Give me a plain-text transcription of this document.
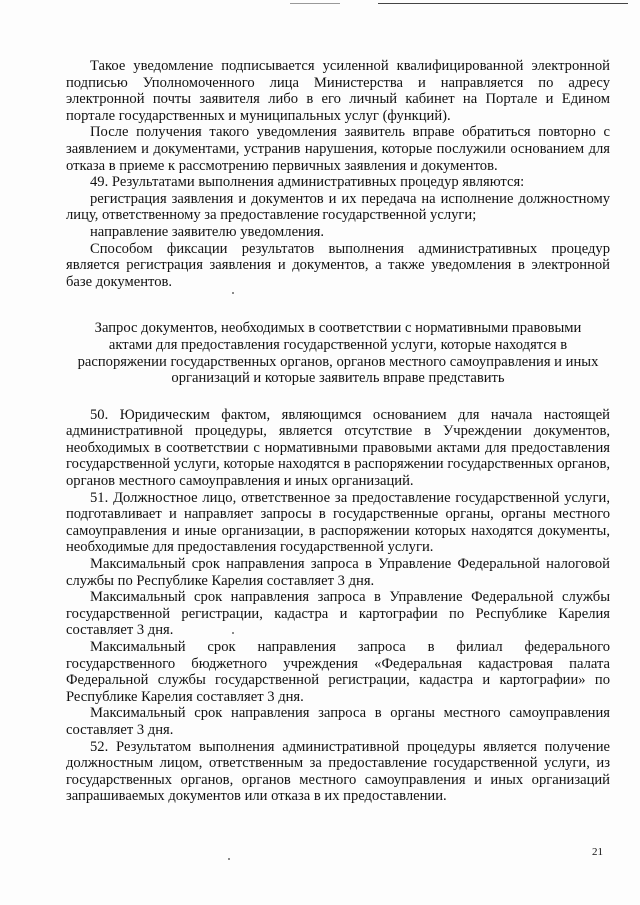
Такое уведомление подписывается усиленной квалифицированной электронной подписью Уполномоченного лица Министерства и направляется по адресу электронной почты заявителя либо в его личный кабинет на Портале и Едином портале государственных и муниципальных услуг (функций).

После получения такого уведомления заявитель вправе обратиться повторно с заявлением и документами, устранив нарушения, которые послужили основанием для отказа в приеме к рассмотрению первичных заявления и документов.

49. Результатами выполнения административных процедур являются:

регистрация заявления и документов и их передача на исполнение должностному лицу, ответственному за предоставление государственной услуги;

направление заявителю уведомления.

Способом фиксации результатов выполнения административных процедур является регистрация заявления и документов, а также уведомления в электронной базе документов.

Запрос документов, необходимых в соответствии с нормативными правовыми
актами для предоставления государственной услуги, которые находятся в
распоряжении государственных органов, органов местного самоуправления и иных
организаций и которые заявитель вправе представить

50. Юридическим фактом, являющимся основанием для начала настоящей административной процедуры, является отсутствие в Учреждении документов, необходимых в соответствии с нормативными правовыми актами для предоставления государственной услуги, которые находятся в распоряжении государственных органов, органов местного самоуправления и иных организаций.

51. Должностное лицо, ответственное за предоставление государственной услуги, подготавливает и направляет запросы в государственные органы, органы местного самоуправления и иные организации, в распоряжении которых находятся документы, необходимые для предоставления государственной услуги.

Максимальный срок направления запроса в Управление Федеральной налоговой службы по Республике Карелия составляет 3 дня.

Максимальный срок направления запроса в Управление Федеральной службы государственной регистрации, кадастра и картографии по Республике Карелия составляет 3 дня.

Максимальный срок направления запроса в филиал федерального государственного бюджетного учреждения «Федеральная кадастровая палата Федеральной службы государственной регистрации, кадастра и картографии» по Республике Карелия составляет 3 дня.

Максимальный срок направления запроса в органы местного самоуправления составляет 3 дня.

52. Результатом выполнения административной процедуры является получение должностным лицом, ответственным за предоставление государственной услуги, из государственных органов, органов местного самоуправления и иных организаций запрашиваемых документов или отказа в их предоставлении.

21
